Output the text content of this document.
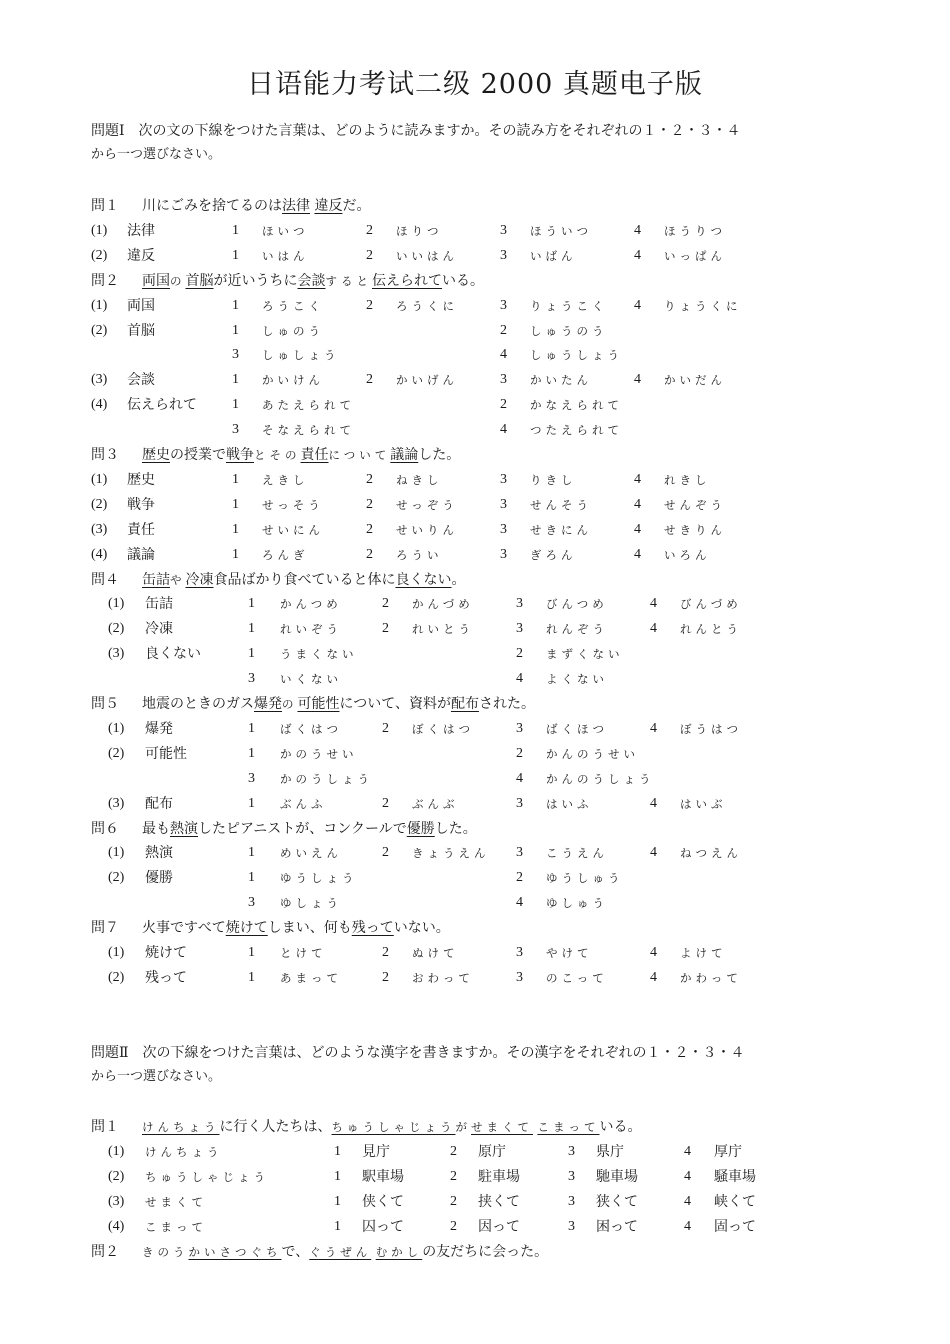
日语能力考试二级 2000 真题电子版
問題Ⅰ　次の文の下線をつけた言葉は、どのように読みますか。その読み方をそれぞれの１・２・３・４
から一つ選びなさい。
問１ 川にごみを捨てるのは法律 違反だ。
(1) 法律	1 ほいつ	2 ほりつ	3 ほういつ	4 ほうりつ
(2) 違反	1 いはん	2 いいはん	3 いばん	4 いっぱん
問２ 両国の首脳が近いうちに会談すると伝えられている。
(1) 両国	1 ろうこく	2 ろうくに	3 りょうこく 4 りょうくに
(2) 首脳	1 しゅのう	2 しゅうのう
3 しゅしょう	4 しゅうしょう
(3) 会談	1 かいけん	2 かいげん	3 かいたん	4 かいだん
(4) 伝えられて	1 あたえられて	2 かなえられて
3 そなえられて	4 つたえられて
問３ 歴史の授業で戦争とその責任について議論した。
(1) 歴史	1 えきし	2 ねきし	3 りきし	4 れきし
(2) 戦争	1 せっそう	2 せっぞう	3 せんそう	4 せんぞう
(3) 責任	1 せいにん	2 せいりん	3 せきにん	4 せきりん
(4) 議論	1 ろんぎ	2 ろうい	3 ぎろん	4 いろん
問４ 缶詰や冷凍食品ばかり食べていると体に良くない。
(1) 缶詰	1 かんつめ	2 かんづめ	3 びんつめ	4 びんづめ
(2) 冷凍	1 れいぞう	2 れいとう	3 れんぞう	4 れんとう
(3) 良くない	1 うまくない	2 まずくない
3 いくない	4 よくない
問５ 地震のときのガス爆発の可能性について、資料が配布された。
(1) 爆発	1 ばくはつ	2 ぼくはつ	3 ばくほつ	4 ぼうはつ
(2) 可能性	1 かのうせい	2 かんのうせい
3 かのうしょう	4 かんのうしょう
(3) 配布	1 ぶんふ	2 ぶんぶ	3 はいふ	4 はいぶ
問６ 最も熱演したピアニストが、コンクールで優勝した。
(1) 熱演	1 めいえん	2 きょうえん 3 こうえん	4 ねつえん
(2) 優勝	1 ゆうしょう	2 ゆうしゅう
3 ゆしょう	4 ゆしゅう
問７ 火事ですべて焼けてしまい、何も残っていない。
(1) 焼けて	1 とけて	2 ぬけて	3 やけて	4 よけて
(2) 残って	1 あまって	2 おわって	3 のこって	4 かわって
問題Ⅱ　次の下線をつけた言葉は、どのような漢字を書きますか。その漢字をそれぞれの１・２・３・４
から一つ選びなさい。
問１ けんちょうに行く人たちは、ちゅうしゃじょうがせまくて こまっている。
(1) けんちょう	1 見庁	2 原庁	3 県庁	4 厚庁
(2) ちゅうしゃじょう	1 駅車場	2 駐車場	3 馳車場	4 騒車場
(3) せまくて	1 侠くて	2 挟くて	3 狭くて	4 峡くて
(4) こまって	1 囚って	2 因って	3 困って	4 固って
問２ きのうかいさつぐちで、ぐうぜん むかしの友だちに会った。
